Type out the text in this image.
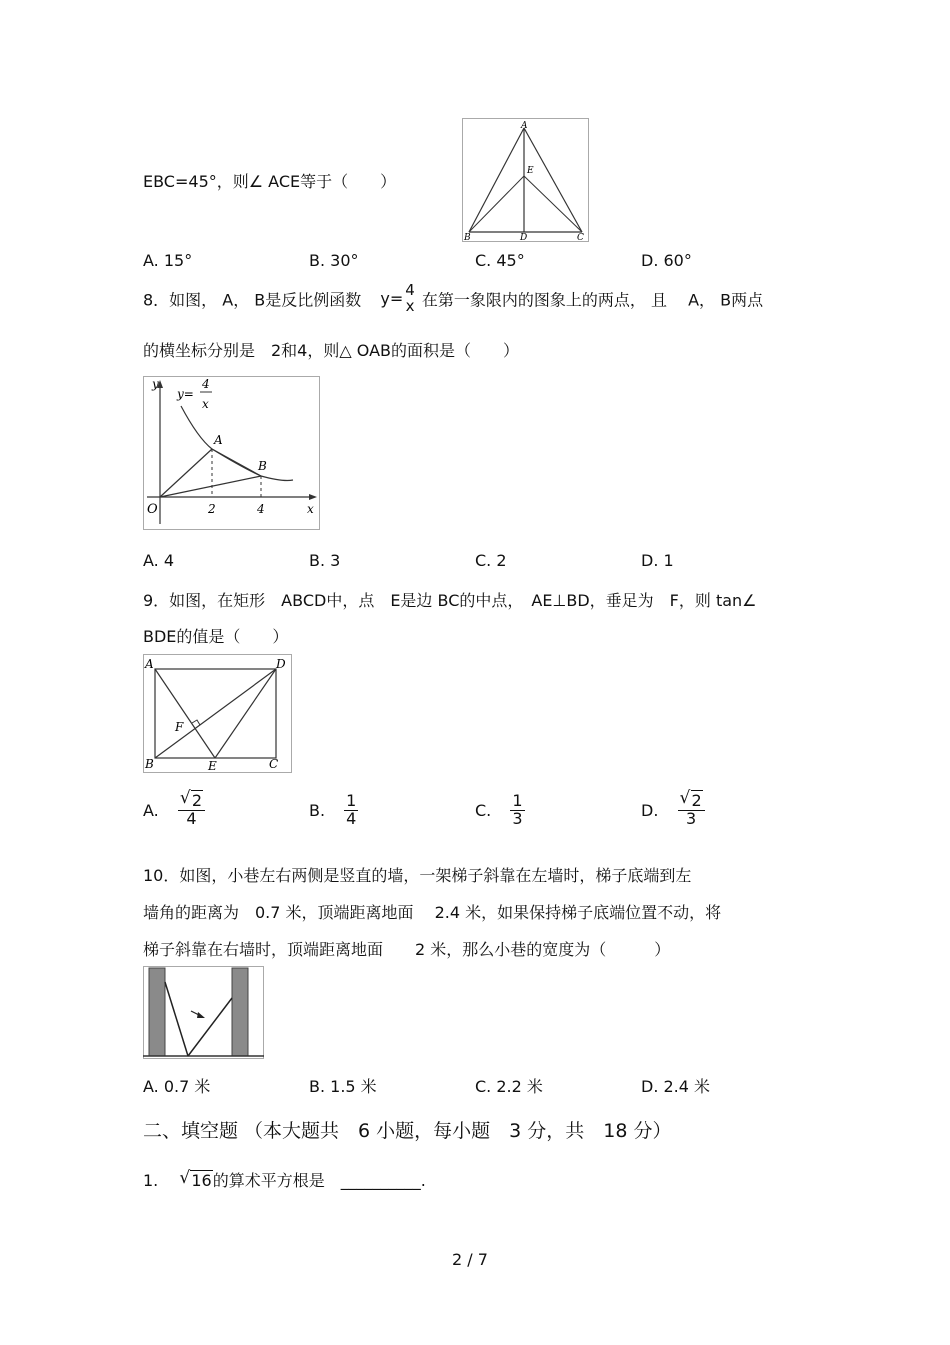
EBC=45°，则∠ ACE等于（　　）
A
E
B	D	C
A. 15°	B. 30°	C. 45°	D. 60°
8．如图， A， B是反比例函数 y= 4
x 在第一象限内的图象上的两点， 且　 A， B两点
的横坐标分别是　2和4，则△ OAB的面积是（　　）
y
y=
4
x
A
B
O	2	4	x
A. 4	B. 3	C. 2	D. 1
9．如图，在矩形　ABCD中，点　E是边 BC的中点，　AE⊥BD，垂足为　F，则 tan∠
BDE的值是（　　）
A	D
F
B	E	C
A. $\frac{√ 2}{4}$	B. $\frac{1}{4}$	C. $\frac{1}{3}$	D. $\frac{√ 2}{3}$
10．如图，小巷左右两侧是竖直的墙，一架梯子斜靠在左墙时，梯子底端到左
墙角的距离为　0.7 米，顶端距离地面　 2.4 米，如果保持梯子底端位置不动，将
梯子斜靠在右墙时，顶端距离地面　　2 米，那么小巷的宽度为（　　　）
A. 0.7 米	B. 1.5 米	C. 2.2 米	D. 2.4 米
二、填空题 （本大题共　6 小题，每小题　3 分，共　18 分）
1. √ 16的算术平方根是　__________.
2 / 7
